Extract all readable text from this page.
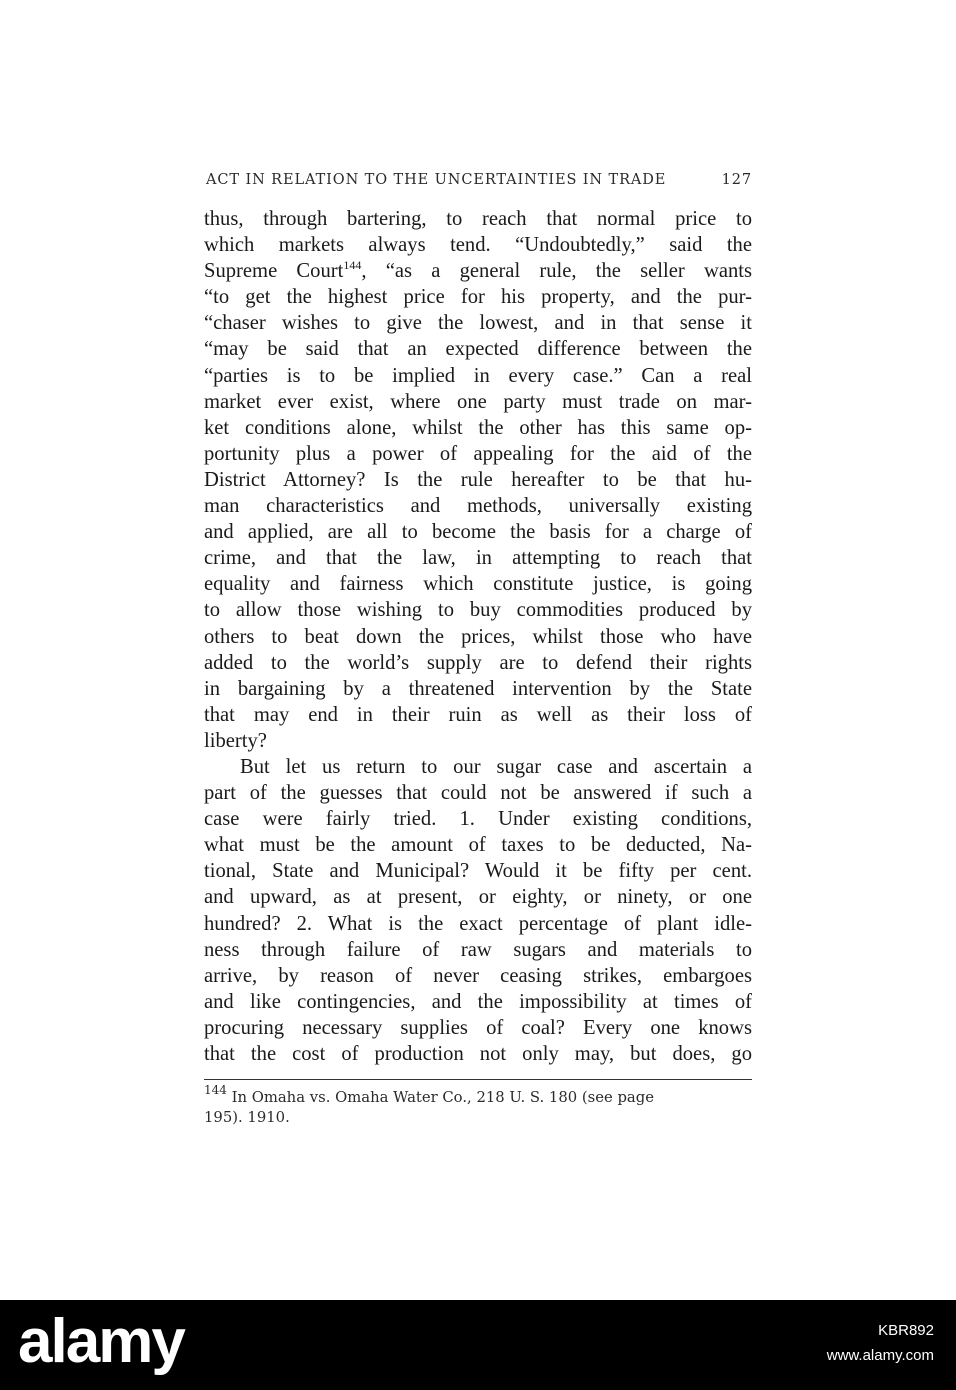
ACT IN RELATION TO THE UNCERTAINTIES IN TRADE	127
thus, through bartering, to reach that normal price to
which markets always tend. “Undoubtedly,” said the
Supreme Court$^{144}$, “as a general rule, the seller wants
“to get the highest price for his property, and the pur-
“chaser wishes to give the lowest, and in that sense it
“may be said that an expected difference between the
“parties is to be implied in every case.” Can a real
market ever exist, where one party must trade on mar-
ket conditions alone, whilst the other has this same op-
portunity plus a power of appealing for the aid of the
District Attorney? Is the rule hereafter to be that hu-
man characteristics and methods, universally existing
and applied, are all to become the basis for a charge of
crime, and that the law, in attempting to reach that
equality and fairness which constitute justice, is going
to allow those wishing to buy commodities produced by
others to beat down the prices, whilst those who have
added to the world’s supply are to defend their rights
in bargaining by a threatened intervention by the State
that may end in their ruin as well as their loss of
liberty?
But let us return to our sugar case and ascertain a
part of the guesses that could not be answered if such a
case were fairly tried. 1. Under existing conditions,
what must be the amount of taxes to be deducted, Na-
tional, State and Municipal? Would it be fifty per cent.
and upward, as at present, or eighty, or ninety, or one
hundred? 2. What is the exact percentage of plant idle-
ness through failure of raw sugars and materials to
arrive, by reason of never ceasing strikes, embargoes
and like contingencies, and the impossibility at times of
procuring necessary supplies of coal? Every one knows
that the cost of production not only may, but does, go
$^{144}$ In Omaha vs. Omaha Water Co., 218 U. S. 180 (see page
195). 1910.
alamy	KBR892
www.alamy.com
